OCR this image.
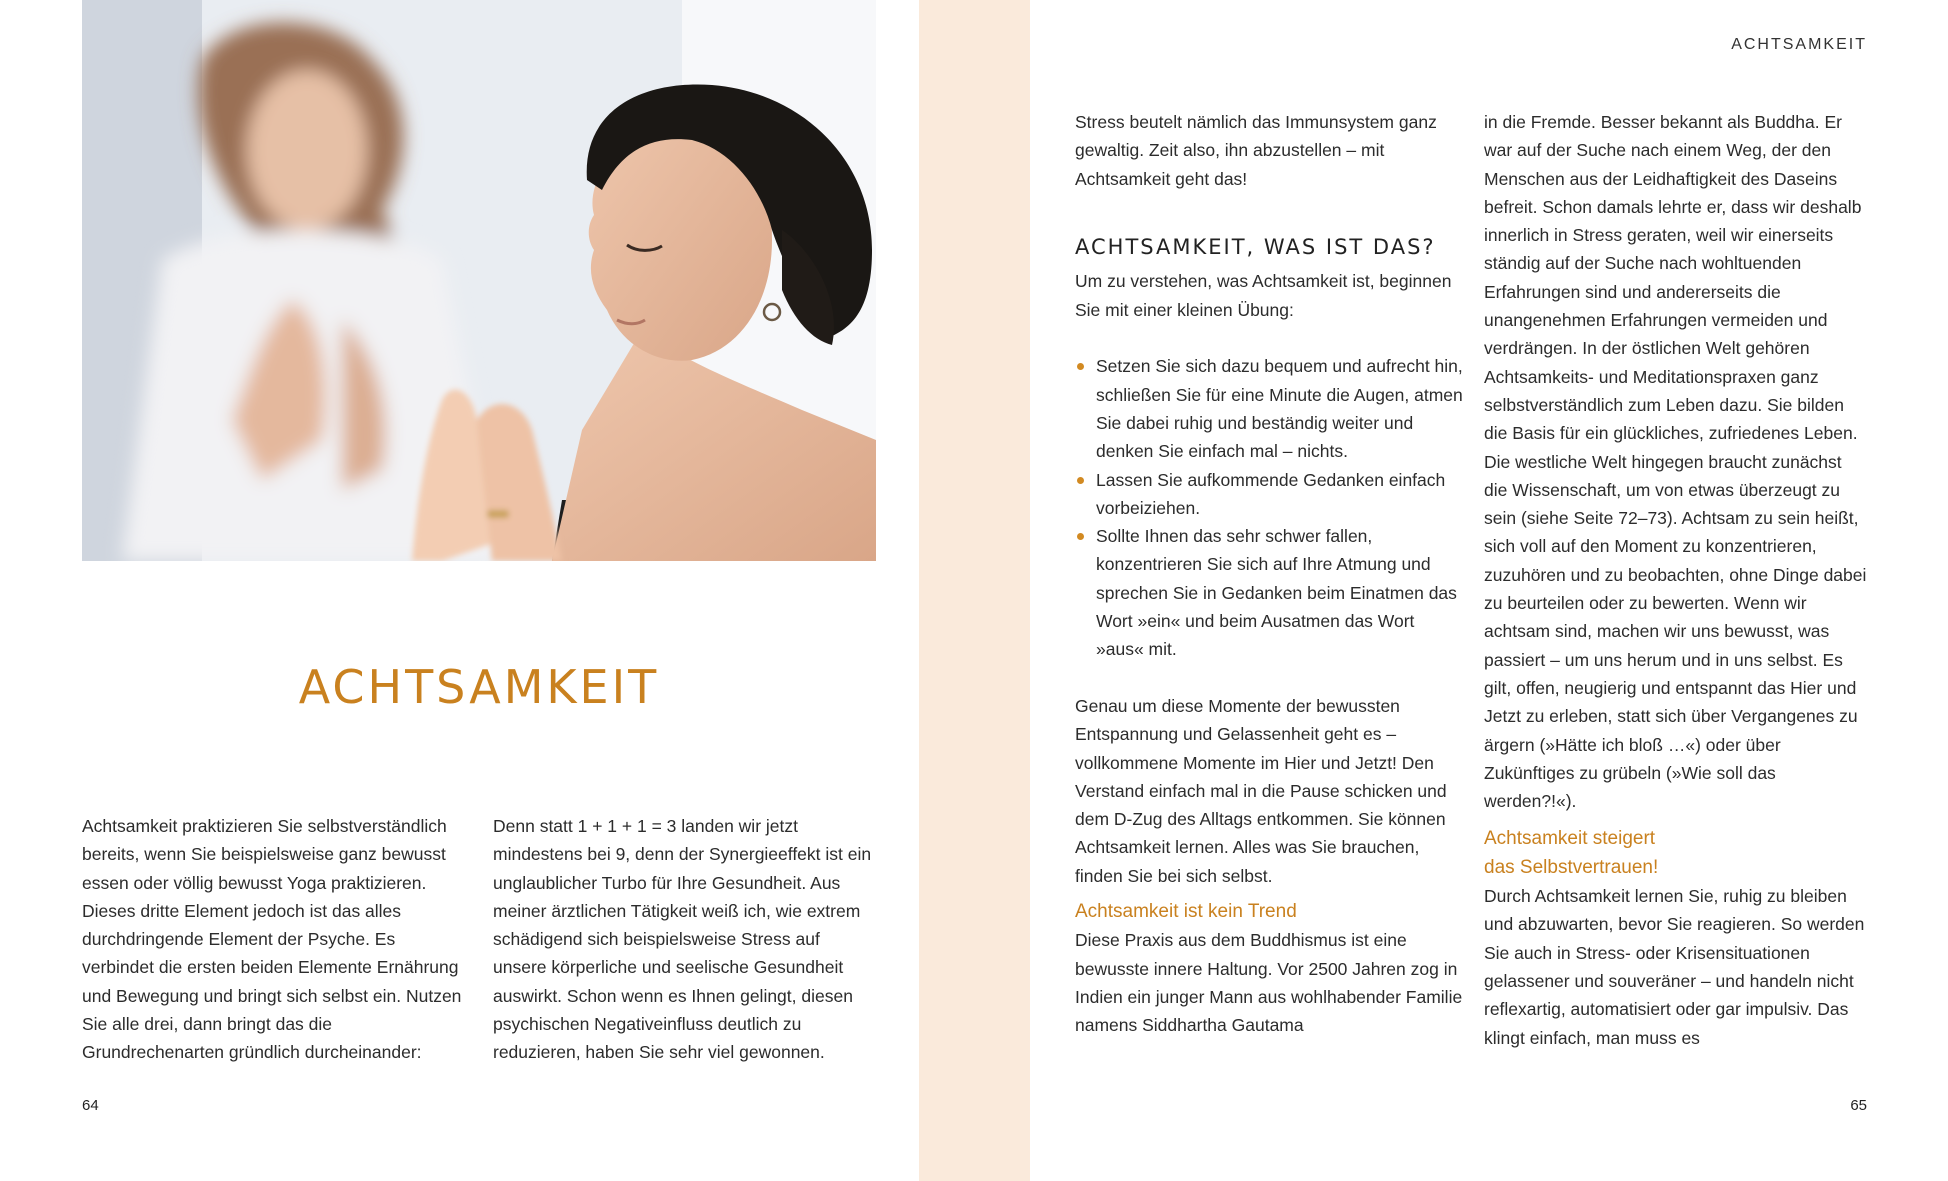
ACHTSAMKEIT

Achtsamkeit praktizieren Sie selbstverständlich bereits, wenn Sie beispielsweise ganz bewusst essen oder völlig bewusst Yoga praktizieren. Dieses dritte Element jedoch ist das alles durchdringende Element der Psyche. Es verbindet die ersten beiden Elemente Ernährung und Bewegung und bringt sich selbst ein. Nutzen Sie alle drei, dann bringt das die Grundrechenarten gründlich durcheinander:

Denn statt 1 + 1 + 1 = 3 landen wir jetzt mindestens bei 9, denn der Synergieeffekt ist ein unglaublicher Turbo für Ihre Gesundheit. Aus meiner ärztlichen Tätigkeit weiß ich, wie extrem schädigend sich beispielsweise Stress auf unsere körperliche und seelische Gesundheit auswirkt. Schon wenn es Ihnen gelingt, diesen psychischen Negativeinfluss deutlich zu reduzieren, haben Sie sehr viel gewonnen.

64
ACHTSAMKEIT

Stress beutelt nämlich das Immunsystem ganz gewaltig. Zeit also, ihn abzustellen – mit Achtsamkeit geht das!

ACHTSAMKEIT, WAS IST DAS?

Um zu verstehen, was Achtsamkeit ist, beginnen Sie mit einer kleinen Übung:

Setzen Sie sich dazu bequem und aufrecht hin, schließen Sie für eine Minute die Augen, atmen Sie dabei ruhig und beständig weiter und denken Sie einfach mal – nichts.
Lassen Sie aufkommende Gedanken einfach vorbeiziehen.
Sollte Ihnen das sehr schwer fallen, konzentrieren Sie sich auf Ihre Atmung und sprechen Sie in Gedanken beim Einatmen das Wort »ein« und beim Ausatmen das Wort »aus« mit.

Genau um diese Momente der bewussten Entspannung und Gelassenheit geht es – vollkommene Momente im Hier und Jetzt! Den Verstand einfach mal in die Pause schicken und dem D-Zug des Alltags entkommen. Sie können Achtsamkeit lernen. Alles was Sie brauchen, finden Sie bei sich selbst.

Achtsamkeit ist kein Trend

Diese Praxis aus dem Buddhismus ist eine bewusste innere Haltung. Vor 2500 Jahren zog in Indien ein junger Mann aus wohlhabender Familie namens Siddhartha Gautama

in die Fremde. Besser bekannt als Buddha. Er war auf der Suche nach einem Weg, der den Menschen aus der Leidhaftigkeit des Daseins befreit. Schon damals lehrte er, dass wir deshalb innerlich in Stress geraten, weil wir einerseits ständig auf der Suche nach wohltuenden Erfahrungen sind und andererseits die unangenehmen Erfahrungen vermeiden und verdrängen. In der östlichen Welt gehören Achtsamkeits- und Meditationspraxen ganz selbstverständlich zum Leben dazu. Sie bilden die Basis für ein glückliches, zufriedenes Leben. Die westliche Welt hingegen braucht zunächst die Wissenschaft, um von etwas überzeugt zu sein (siehe Seite 72–73). Achtsam zu sein heißt, sich voll auf den Moment zu konzentrieren, zuzuhören und zu beobachten, ohne Dinge dabei zu beurteilen oder zu bewerten. Wenn wir achtsam sind, machen wir uns bewusst, was passiert – um uns herum und in uns selbst. Es gilt, offen, neugierig und entspannt das Hier und Jetzt zu erleben, statt sich über Vergangenes zu ärgern (»Hätte ich bloß …«) oder über Zukünftiges zu grübeln (»Wie soll das werden?!«).

Achtsamkeit steigert
das Selbstvertrauen!

Durch Achtsamkeit lernen Sie, ruhig zu bleiben und abzuwarten, bevor Sie reagieren. So werden Sie auch in Stress- oder Krisensituationen gelassener und souveräner – und handeln nicht reflexartig, automatisiert oder gar impulsiv. Das klingt einfach, man muss es

65
